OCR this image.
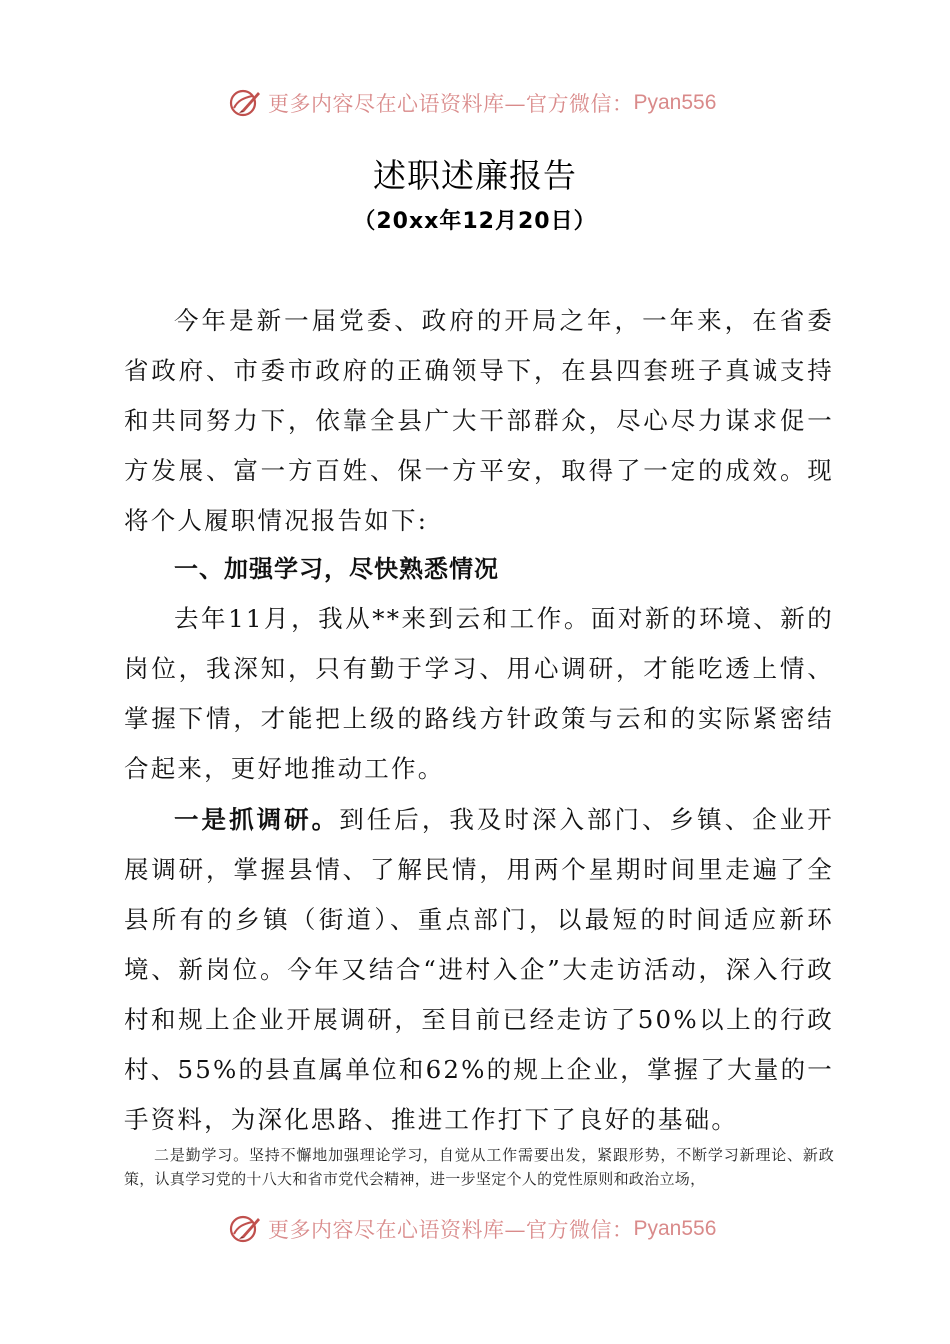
更多内容尽在心语资料库—官方微信： Pyan556
述职述廉报告
（20xx年12月20日）

今年是新一届党委、政府的开局之年，一年来，在省委省政府、市委市政府的正确领导下，在县四套班子真诚支持和共同努力下，依靠全县广大干部群众，尽心尽力谋求促一方发展、富一方百姓、保一方平安，取得了一定的成效。现将个人履职情况报告如下:

一、加强学习，尽快熟悉情况

去年11月，我从**来到云和工作。面对新的环境、新的岗位，我深知，只有勤于学习、用心调研，才能吃透上情、掌握下情，才能把上级的路线方针政策与云和的实际紧密结合起来，更好地推动工作。

一是抓调研。到任后，我及时深入部门、乡镇、企业开展调研，掌握县情、了解民情，用两个星期时间里走遍了全县所有的乡镇（街道）、重点部门，以最短的时间适应新环境、新岗位。今年又结合“进村入企”大走访活动，深入行政村和规上企业开展调研，至目前已经走访了50%以上的行政村、55%的县直属单位和62%的规上企业，掌握了大量的一手资料，为深化思路、推进工作打下了良好的基础。

二是勤学习。坚持不懈地加强理论学习，自觉从工作需要出发，紧跟形势，不断学习新理论、新政策，认真学习党的十八大和省市党代会精神，进一步坚定个人的党性原则和政治立场，

更多内容尽在心语资料库—官方微信： Pyan556
